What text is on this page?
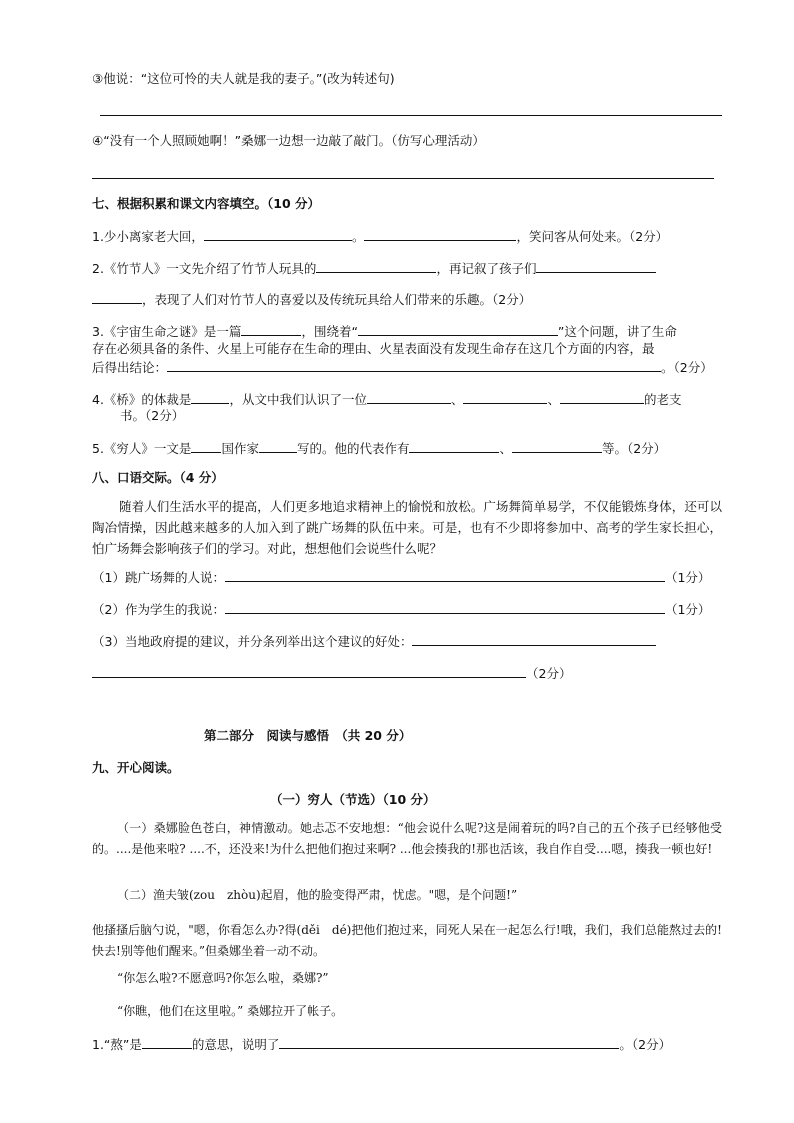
③他说：“这位可怜的夫人就是我的妻子。”(改为转述句)
④“没有一个人照顾她啊！”桑娜一边想一边敲了敲门。（仿写心理活动）
七、根据积累和课文内容填空。（10 分）
1.少小离家老大回，	。	，笑问客从何处来。（2分）
2.《竹节人》一文先介绍了竹节人玩具的	，再记叙了孩子们
，表现了人们对竹节人的喜爱以及传统玩具给人们带来的乐趣。（2分）
3.《宇宙生命之谜》是一篇	，围绕着“	”这个问题，讲了生命
存在必须具备的条件、火星上可能存在生命的理由、火星表面没有发现生命存在这几个方面的内容，最
后得出结论：	。（2分）
4.《桥》的体裁是	，从文中我们认识了一位	、	、	的老支
书。（2分）
5.《穷人》一文是 国作家	写的。他的代表作有	、	等。（2分）
八、口语交际。（4 分）
随着人们生活水平的提高，人们更多地追求精神上的愉悦和放松。广场舞简单易学，不仅能锻炼身体，还可以陶冶情操，因此越来越多的人加入到了跳广场舞的队伍中来。可是，也有不少即将参加中、高考的学生家长担心，怕广场舞会影响孩子们的学习。对此，想想他们会说些什么呢？
（1）跳广场舞的人说：	（1分）
（2）作为学生的我说：	（1分）
（3）当地政府提的建议，并分条列举出这个建议的好处：
（2分）
第二部分　阅读与感悟　（共 20 分）
九、开心阅读。
（一）穷人（节选）（10 分）
（一）桑娜脸色苍白，神情激动。她忐忑不安地想：“他会说什么呢?这是闹着玩的吗?自己的五个孩子已经够他受的。....是他来啦? ....不，还没来!为什么把他们抱过来啊? ...他会揍我的!那也活该，我自作自受....嗯，揍我一顿也好!
（二）渔夫皱(zou　zhòu)起眉，他的脸变得严肃，忧虑。"嗯，是个问题!”
他搔搔后脑勺说，"嗯，你看怎么办?得(děi　dé)把他们抱过来，同死人呆在一起怎么行!哦，我们，我们总能熬过去的!快去!别等他们醒来。”但桑娜坐着一动不动。
“你怎么啦?不愿意吗?你怎么啦，桑娜?”
“你瞧，他们在这里啦。” 桑娜拉开了帐子。
1.“熬”是	的意思，说明了	。（2分）
